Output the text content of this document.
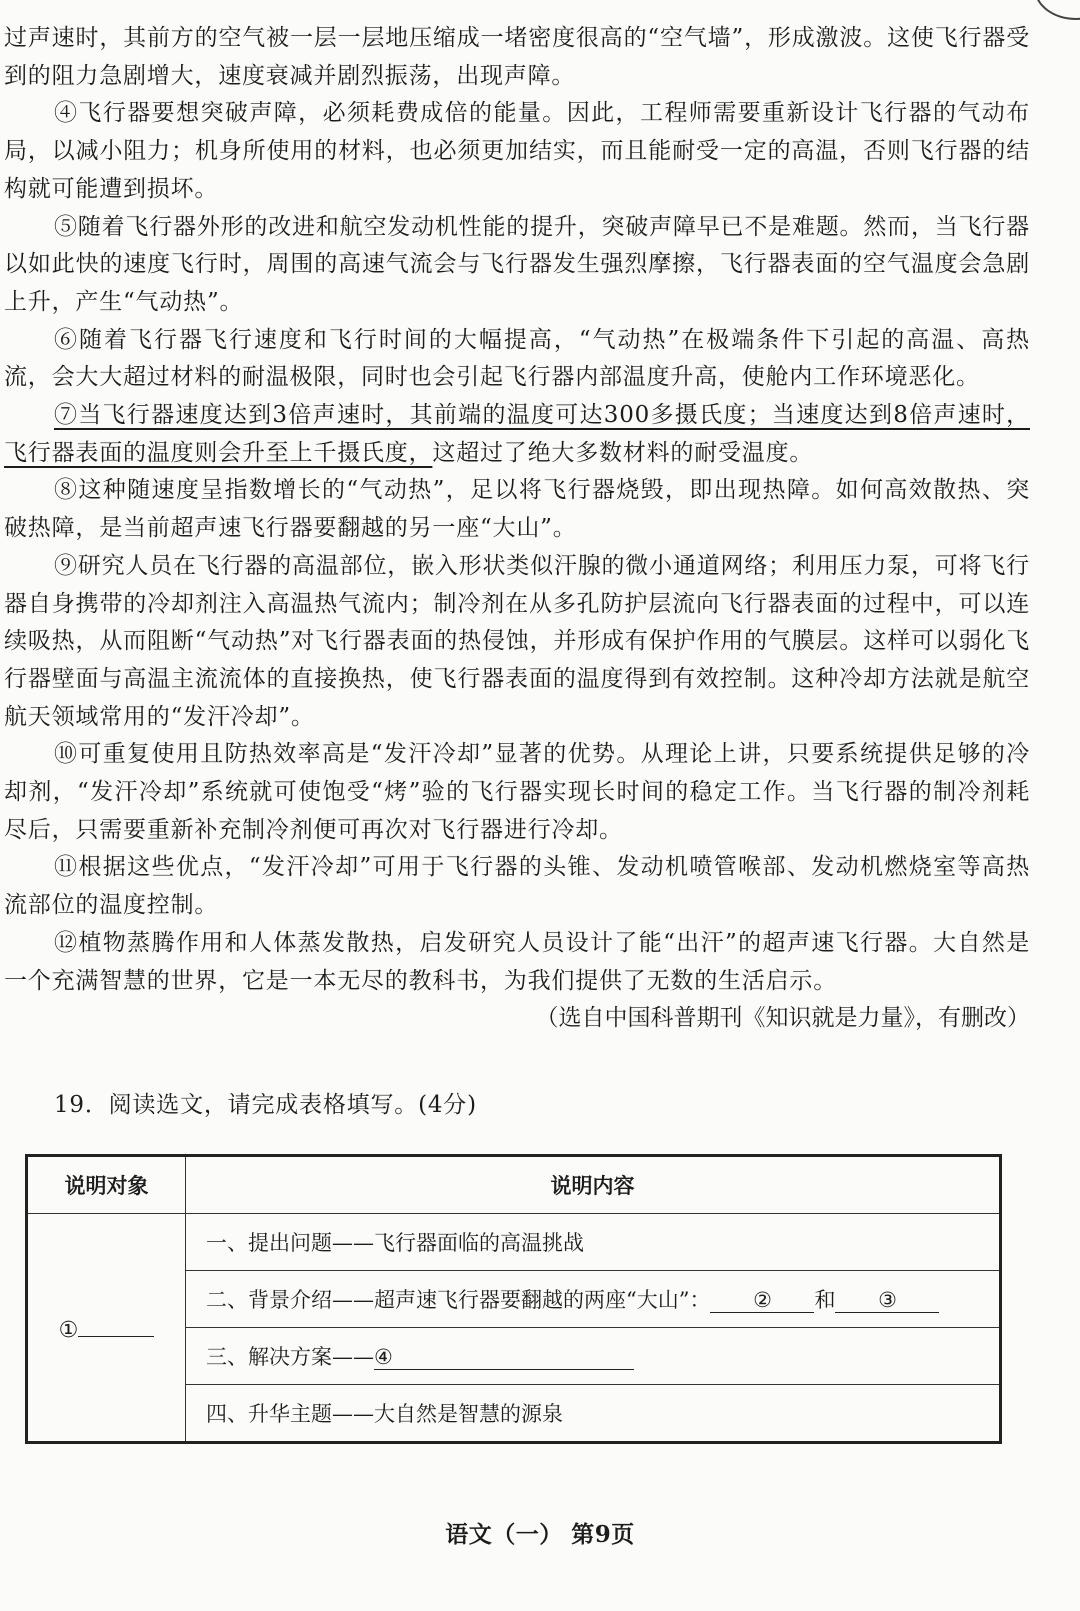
过声速时，其前方的空气被一层一层地压缩成一堵密度很高的“空气墙”，形成激波。这使飞行器受到的阻力急剧增大，速度衰减并剧烈振荡，出现声障。

④飞行器要想突破声障，必须耗费成倍的能量。因此，工程师需要重新设计飞行器的气动布局，以减小阻力；机身所使用的材料，也必须更加结实，而且能耐受一定的高温，否则飞行器的结构就可能遭到损坏。

⑤随着飞行器外形的改进和航空发动机性能的提升，突破声障早已不是难题。然而，当飞行器以如此快的速度飞行时，周围的高速气流会与飞行器发生强烈摩擦，飞行器表面的空气温度会急剧上升，产生“气动热”。

⑥随着飞行器飞行速度和飞行时间的大幅提高，“气动热”在极端条件下引起的高温、高热流，会大大超过材料的耐温极限，同时也会引起飞行器内部温度升高，使舱内工作环境恶化。

⑦当飞行器速度达到3倍声速时，其前端的温度可达300多摄氏度；当速度达到8倍声速时，飞行器表面的温度则会升至上千摄氏度，这超过了绝大多数材料的耐受温度。

⑧这种随速度呈指数增长的“气动热”，足以将飞行器烧毁，即出现热障。如何高效散热、突破热障，是当前超声速飞行器要翻越的另一座“大山”。

⑨研究人员在飞行器的高温部位，嵌入形状类似汗腺的微小通道网络；利用压力泵，可将飞行器自身携带的冷却剂注入高温热气流内；制冷剂在从多孔防护层流向飞行器表面的过程中，可以连续吸热，从而阻断“气动热”对飞行器表面的热侵蚀，并形成有保护作用的气膜层。这样可以弱化飞行器壁面与高温主流流体的直接换热，使飞行器表面的温度得到有效控制。这种冷却方法就是航空航天领域常用的“发汗冷却”。

⑩可重复使用且防热效率高是“发汗冷却”显著的优势。从理论上讲，只要系统提供足够的冷却剂，“发汗冷却”系统就可使饱受“烤”验的飞行器实现长时间的稳定工作。当飞行器的制冷剂耗尽后，只需要重新补充制冷剂便可再次对飞行器进行冷却。

⑪根据这些优点，“发汗冷却”可用于飞行器的头锥、发动机喷管喉部、发动机燃烧室等高热流部位的温度控制。

⑫植物蒸腾作用和人体蒸发散热，启发研究人员设计了能“出汗”的超声速飞行器。大自然是一个充满智慧的世界，它是一本无尽的教科书，为我们提供了无数的生活启示。

（选自中国科普期刊《知识就是力量》，有删改）

19．阅读选文，请完成表格填写。(4分)

说明对象	说明内容
①	一、提出问题——飞行器面临的高温挑战
	二、背景介绍——超声速飞行器要翻越的两座“大山”： ② 和 ③
	三、解决方案——④
	四、升华主题——大自然是智慧的源泉
语文（一） 第9页
